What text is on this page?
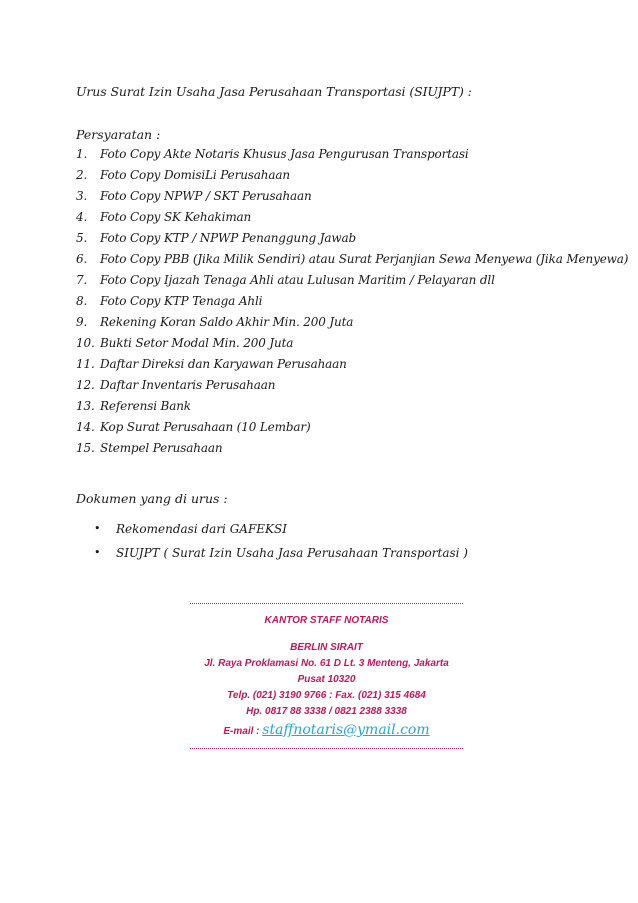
Urus Surat Izin Usaha Jasa Perusahaan Transportasi (SIUJPT) :
Persyaratan :
1.	Foto Copy Akte Notaris Khusus Jasa Pengurusan Transportasi
2.	Foto Copy DomisiLi Perusahaan
3.	Foto Copy NPWP / SKT Perusahaan
4.	Foto Copy SK Kehakiman
5.	Foto Copy KTP / NPWP Penanggung Jawab
6.	Foto Copy PBB (Jika Milik Sendiri) atau Surat Perjanjian Sewa Menyewa (Jika Menyewa)
7.	Foto Copy Ijazah Tenaga Ahli atau Lulusan Maritim / Pelayaran dll
8.	Foto Copy KTP Tenaga Ahli
9.	Rekening Koran Saldo Akhir Min. 200 Juta
10. Bukti Setor Modal Min. 200 Juta
11. Daftar Direksi dan Karyawan Perusahaan
12. Daftar Inventaris Perusahaan
13. Referensi Bank
14. Kop Surat Perusahaan (10 Lembar)
15. Stempel Perusahaan
Dokumen yang di urus :
•	Rekomendasi dari GAFEKSI
•	SIUJPT ( Surat Izin Usaha Jasa Perusahaan Transportasi )
KANTOR STAFF NOTARIS
BERLIN SIRAIT
Jl. Raya Proklamasi No. 61 D Lt. 3 Menteng, Jakarta
Pusat 10320
Telp. (021) 3190 9766 : Fax. (021) 315 4684
Hp. 0817 88 3338 / 0821 2388 3338
E-mail : staffnotaris@ymail.com
